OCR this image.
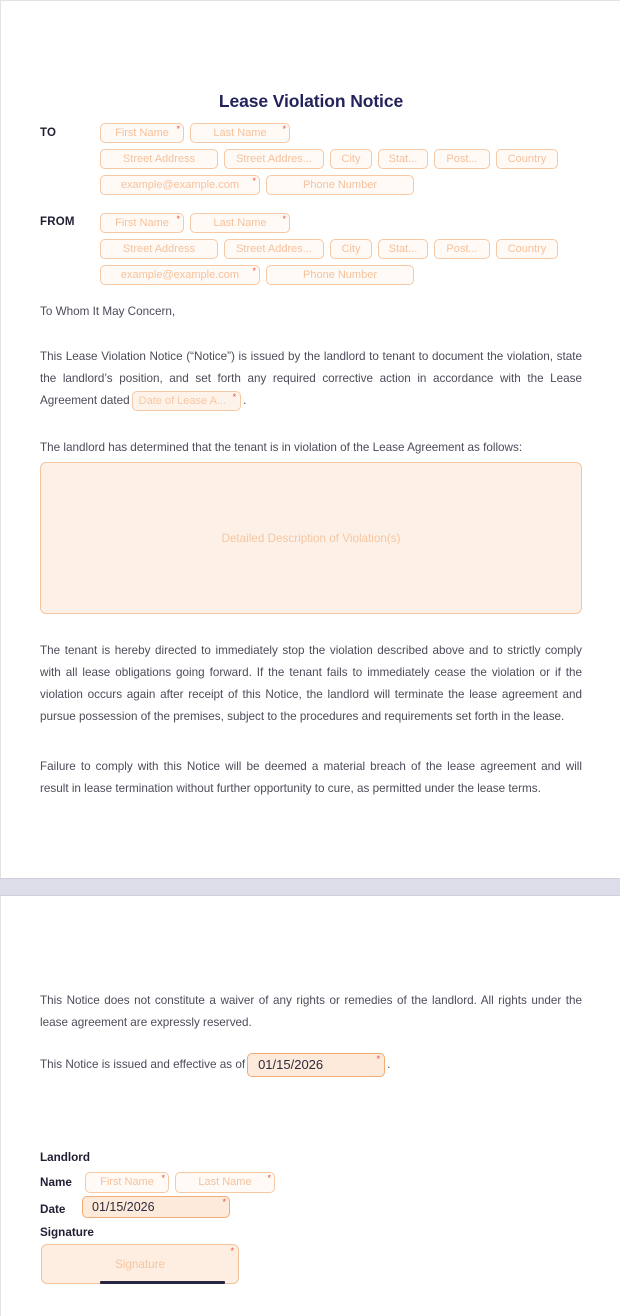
Lease Violation Notice
TO	First Name *	Last Name *
Street Address	Street Addres...	City	Stat...	Post...	Country
example@example.com *	Phone Number
FROM	First Name *	Last Name *
Street Address	Street Addres...	City	Stat...	Post...	Country
example@example.com *	Phone Number
To Whom It May Concern,
This Lease Violation Notice (“Notice”) is issued by the landlord to tenant to document the violation, state the landlord’s position, and set forth any required corrective action in accordance with the Lease Agreement dated Date of Lease A... * .
The landlord has determined that the tenant is in violation of the Lease Agreement as follows:
Detailed Description of Violation(s)
The tenant is hereby directed to immediately stop the violation described above and to strictly comply with all lease obligations going forward. If the tenant fails to immediately cease the violation or if the violation occurs again after receipt of this Notice, the landlord will terminate the lease agreement and pursue possession of the premises, subject to the procedures and requirements set forth in the lease.
Failure to comply with this Notice will be deemed a material breach of the lease agreement and will result in lease termination without further opportunity to cure, as permitted under the lease terms.
This Notice does not constitute a waiver of any rights or remedies of the landlord. All rights under the lease agreement are expressly reserved.
This Notice is issued and effective as of 01/15/2026	* .
Landlord
Name	First Name *	Last Name *
Date	01/15/2026	*
Signature
Signature
*
